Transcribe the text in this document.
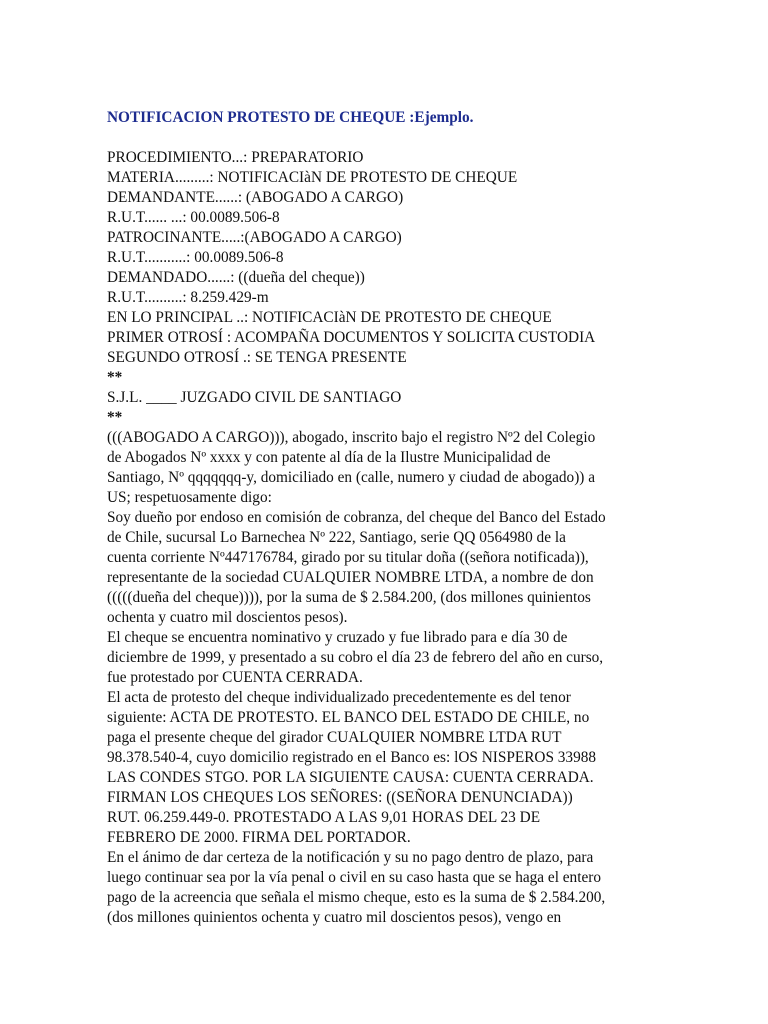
NOTIFICACION PROTESTO DE CHEQUE :Ejemplo.
PROCEDIMIENTO...: PREPARATORIO
MATERIA.........: NOTIFICACIàN DE PROTESTO DE CHEQUE
DEMANDANTE......: (ABOGADO A CARGO)
R.U.T...... ...: 00.0089.506-8
PATROCINANTE.....:(ABOGADO A CARGO)
R.U.T...........: 00.0089.506-8
DEMANDADO......: ((dueña del cheque))
R.U.T..........: 8.259.429-m
EN LO PRINCIPAL ..: NOTIFICACIàN DE PROTESTO DE CHEQUE
PRIMER OTROSÍ : ACOMPAÑA DOCUMENTOS Y SOLICITA CUSTODIA
SEGUNDO OTROSÍ .: SE TENGA PRESENTE
**
S.J.L. ____ JUZGADO CIVIL DE SANTIAGO
**
(((ABOGADO A CARGO))), abogado, inscrito bajo el registro Nº2 del Colegio
de Abogados Nº xxxx y con patente al día de la Ilustre Municipalidad de
Santiago, Nº qqqqqqq-y, domiciliado en (calle, numero y ciudad de abogado)) a
US; respetuosamente digo:
Soy dueño por endoso en comisión de cobranza, del cheque del Banco del Estado
de Chile, sucursal Lo Barnechea Nº 222, Santiago, serie QQ 0564980 de la
cuenta corriente Nº447176784, girado por su titular doña ((señora notificada)),
representante de la sociedad CUALQUIER NOMBRE LTDA, a nombre de don
(((((dueña del cheque)))), por la suma de $ 2.584.200, (dos millones quinientos
ochenta y cuatro mil doscientos pesos).
El cheque se encuentra nominativo y cruzado y fue librado para e día 30 de
diciembre de 1999, y presentado a su cobro el día 23 de febrero del año en curso,
fue protestado por CUENTA CERRADA.
El acta de protesto del cheque individualizado precedentemente es del tenor
siguiente: ACTA DE PROTESTO. EL BANCO DEL ESTADO DE CHILE, no
paga el presente cheque del girador CUALQUIER NOMBRE LTDA RUT
98.378.540-4, cuyo domicilio registrado en el Banco es: lOS NISPEROS 33988
LAS CONDES STGO. POR LA SIGUIENTE CAUSA: CUENTA CERRADA.
FIRMAN LOS CHEQUES LOS SEÑORES: ((SEÑORA DENUNCIADA))
RUT. 06.259.449-0. PROTESTADO A LAS 9,01 HORAS DEL 23 DE
FEBRERO DE 2000. FIRMA DEL PORTADOR.
En el ánimo de dar certeza de la notificación y su no pago dentro de plazo, para
luego continuar sea por la vía penal o civil en su caso hasta que se haga el entero
pago de la acreencia que señala el mismo cheque, esto es la suma de $ 2.584.200,
(dos millones quinientos ochenta y cuatro mil doscientos pesos), vengo en
